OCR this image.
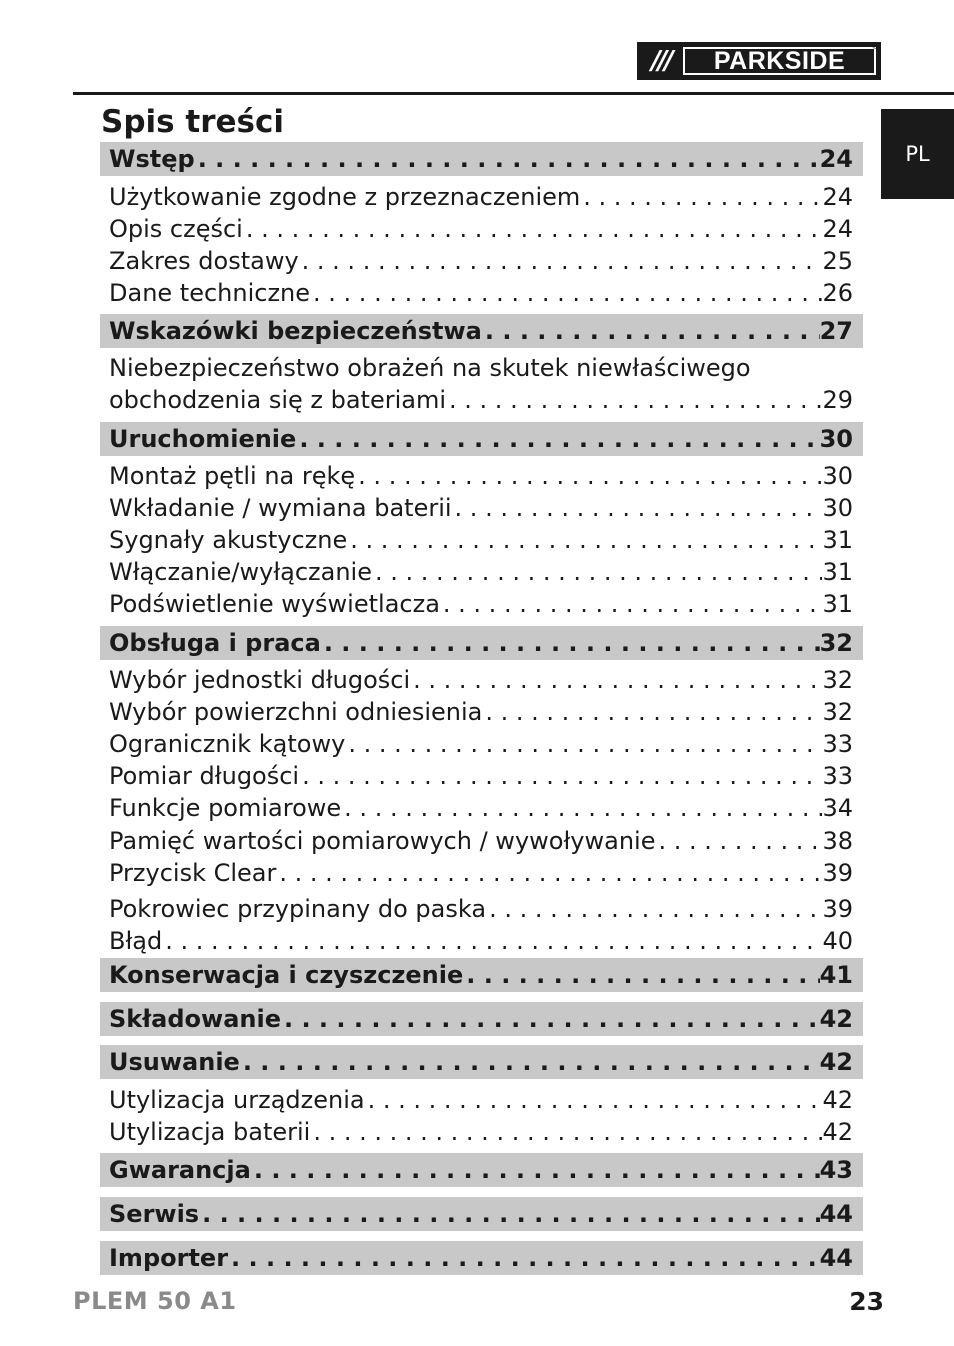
///	PARKSIDE	®
PL
Spis treści
Wstęp . . .	24
Użytkowanie zgodne z przeznaczeniem . . .	24
Opis części . . .	24
Zakres dostawy . . .	25
Dane techniczne . . .	26
Wskazówki bezpieczeństwa . . .	27
Niebezpieczeństwo obrażeń na skutek niewłaściwego
obchodzenia się z bateriami . . .	29
Uruchomienie . . .	30
Montaż pętli na rękę . . .	30
Wkładanie / wymiana baterii . . .	30
Sygnały akustyczne . . .	31
Włączanie/wyłączanie . . .	31
Podświetlenie wyświetlacza . . .	31
Obsługa i praca . . .	32
Wybór jednostki długości . . .	32
Wybór powierzchni odniesienia . . .	32
Ogranicznik kątowy . . .	33
Pomiar długości . . .	33
Funkcje pomiarowe . . .	34
Pamięć wartości pomiarowych / wywoływanie . . .	38
Przycisk Clear . . .	39
Pokrowiec przypinany do paska . . .	39
Błąd . . .	40
Konserwacja i czyszczenie . . .	41
Składowanie . . .	42
Usuwanie . . .	42
Utylizacja urządzenia . . .	42
Utylizacja baterii . . .	42
Gwarancja . . .	43
Serwis . . .	44
Importer . . .	44
PLEM 50 A1	23
